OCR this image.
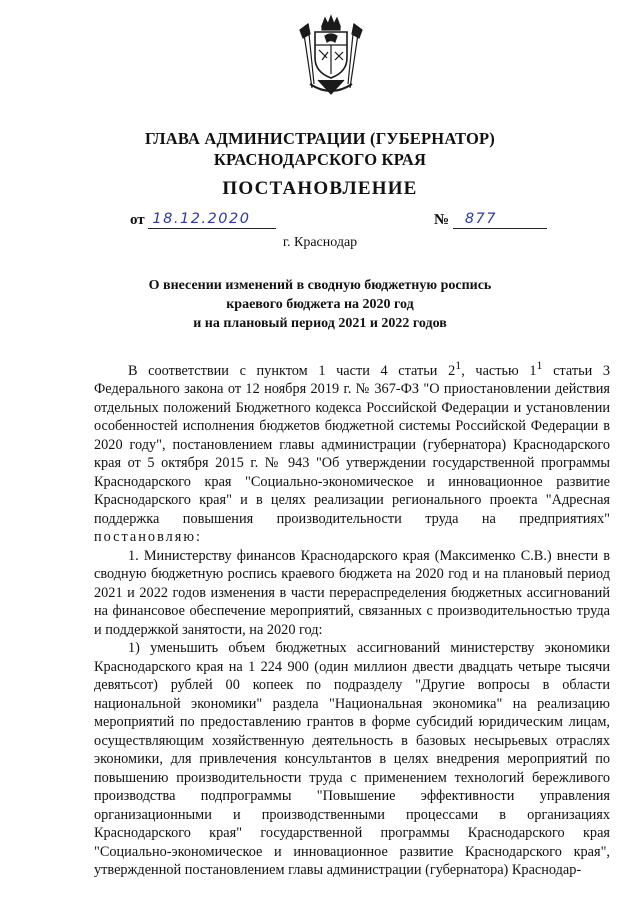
ГЛАВА АДМИНИСТРАЦИИ (ГУБЕРНАТОР)
КРАСНОДАРСКОГО КРАЯ
ПОСТАНОВЛЕНИЕ
от 18.12.2020	№ 877
г. Краснодар
О внесении изменений в сводную бюджетную роспись
краевого бюджета на 2020 год
и на плановый период 2021 и 2022 годов

В соответствии с пунктом 1 части 4 статьи $2^1$, частью $1^1$ статьи 3 Федерального закона от 12 ноября 2019 г. № 367-ФЗ "О приостановлении действия отдельных положений Бюджетного кодекса Российской Федерации и установлении особенностей исполнения бюджетов бюджетной системы Российской Федерации в 2020 году", постановлением главы администрации (губернатора) Краснодарского края от 5 октября 2015 г. № 943 "Об утверждении государственной программы Краснодарского края "Социально-экономическое и инновационное развитие Краснодарского края" и в целях реализации регионального проекта "Адресная поддержка повышения производительности труда на предприятиях" постановляю:

1. Министерству финансов Краснодарского края (Максименко С.В.) внести в сводную бюджетную роспись краевого бюджета на 2020 год и на плановый период 2021 и 2022 годов изменения в части перераспределения бюджетных ассигнований на финансовое обеспечение мероприятий, связанных с производительностью труда и поддержкой занятости, на 2020 год:

1) уменьшить объем бюджетных ассигнований министерству экономики Краснодарского края на 1 224 900 (один миллион двести двадцать четыре тысячи девятьсот) рублей 00 копеек по подразделу "Другие вопросы в области национальной экономики" раздела "Национальная экономика" на реализацию мероприятий по предоставлению грантов в форме субсидий юридическим лицам, осуществляющим хозяйственную деятельность в базовых несырьевых отраслях экономики, для привлечения консультантов в целях внедрения мероприятий по повышению производительности труда с применением технологий бережливого производства подпрограммы "Повышение эффективности управления организационными и производственными процессами в организациях Краснодарского края" государственной программы Краснодарского края "Социально-экономическое и инновационное развитие Краснодарского края", утвержденной постановлением главы администрации (губернатора) Краснодар-
